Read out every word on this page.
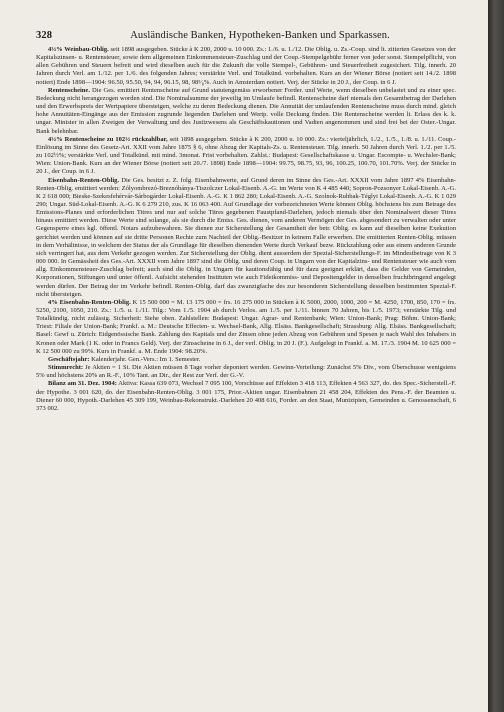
328	Ausländische Banken, Hypotheken-Banken und Sparkassen.

4½% Weinbau-Oblig. seit 1898 ausgegeben. Stücke à K 200, 2000 u. 10 000. Zs.: 1./6. u. 1./12. Die Oblig. u. Zs.-Coup. sind lt. zitierten Gesetzes von der Kapitalszinsen- u. Rentensteuer, sowie dem allgemeinen Einkommensteuer-Zuschlag und der Coup.-Stempelgebühr ferner von jeder sonst. Stempelpflicht, von allen Gebühren und Steuern befreit und wird dieselben auch für die Zukunft die volle Stempel-, Gebühren- und Steuerfreiheit zugesichert. Tilg. innerh. 20 Jahren durch Verl. am 1./12. per 1./6. des folgenden Jahres; verstärkte Verl. und Totalkünd. vorbehalten. Kurs an der Wiener Börse (notiert seit 14./2. 1898 notiert) Ende 1898—1904: 96.50, 95.50, 94, 94, 96.15, 98, 98⁵⁄₈%. Auch in Amsterdam notiert. Verj. der Stücke in 20 J., der Coup. in 6 J.

Rentenscheine. Die Ges. emittiert Rentenscheine auf Grund statutengemäss erworbener Forder. und Werte, wenn dieselben unbelastet und zu einer spec. Bedeckung nicht herangezogen worden sind. Die Nominalsumme der jeweilig im Umlaufe befindl. Rentenscheine darf niemals den Gesamtbetrag der Darlehen und den Erwerbspreis der Wertpapiere übersteigen, welche zu deren Bedeckung dienen. Die Annuität der umlaufenden Rentenscheine muss durch mind. gleich hohe Annuitäten-Eingänge aus der Emission zugrunde liegenden Darlehen und Wertp. volle Deckung finden. Die Rentenscheine werden lt. Erlass des k. k. ungar. Minister in allen Zweigen der Verwaltung und des Justizwesens als Geschäftskautionen und Vadien angenommen und sind frei bei der Oster.-Ungar. Bank belehnbar.

4½% Rentenscheine zu 102½ rückzahlbar, seit 1898 ausgegeben. Stücke à K 200, 2000 u. 10 000. Zs.: vierteljährlich, 1./2., 1./5., 1./8. u. 1./11. Coup.-Einlösung im Sinne des Gesetz-Art. XXII vom Jahre 1875 § 6, ohne Abzug der Kapitals-Zs. u. Rentensteuer. Tilg. innerh. 50 Jahren durch Verl. 1./2. per 1./5. zu 102½%; verstärkte Verl. und Totalkünd. mit mind. 3monat. Frist vorbehalten. Zahlst.: Budapest: Gesellschaftskasse u. Ungar. Escompte- u. Wechsler-Bank; Wien: Union-Bank. Kurs an der Wiener Börse (notiert seit 20./7. 1898) Ende 1898—1904: 99.75, 98.75, 93, 96, 100.25, 100.70, 101.70%. Verj. der Stücke in 20 J., der Coup. in 6 J.

Eisenbahn-Renten-Oblig. Die Ges. besitzt z. Z. folg. Eisenbahnwerte, auf Grund deren im Sinne des Ges.-Art. XXXII vom Jahre 1897 4% Eisenbahn-Renten-Oblig. emittiert werden: Zólyombrezó-Breznóbánya-Tiszolczer Lokal-Eisenb. A.-G. im Werte von K 4 485 440; Sopron-Pozsonyer Lokal-Eisenb. A.-G. K 2 618 000; Bieske-Szekesfehérvár-Sárbogárder Lokal-Eisenb. A.-G. K 1 862 280; Lokal-Eisenb. A.-G. Szolnok-Ruhbak-Téglyi Lokal-Eisenb. A.-G. K 1 029 290; Ungar. Süd-Lokal-Eisenb. A.-G. K 6 279 210, zus. K 16 063 400. Auf Grundlage der vorbezeichneten Werte können Oblig. höchstens bis zum Betrage des Emissions-Planes und erforderlichen Titres und nur auf solche Titres gegebenen Faustpfand-Darlehen, jedoch niemals über den Nominalwert dieser Titres hinaus emittiert werden. Diese Werte sind solange, als sie durch die Emiss. Ges. dienen, vom anderen Vermögen der Ges. abgesondert zu verwalten oder unter Gegensperre eines kgl. öffentl. Notars aufzubewahren. Sie dienen zur Sicherstellung der Gesamtheit der betr. Oblig. es kann auf dieselben keine Exekution gerichtet werden und können auf sie dritte Personen Rechte zum Nachteil der Oblig.-Besitzer in keinem Falle erwerben. Die emittierten Renten-Oblig. müssen in dem Verhältnisse, in welchem der Status der als Grundlage für dieselben dienenden Werte durch Verkauf bezw. Rückzahlung oder aus einem anderen Grunde sich verringert hat, aus dem Verkehr gezogen werden. Zur Sicherstellung der Oblig. dient ausserdem der Spezial-Sicherstellungs-F. im Mindestbetrage von K 3 000 000. In Gemässheit des Ges.-Art. XXXII vom Jahre 1897 sind die Oblig. und deren Coup. in Ungarn von der Kapitalzins- und Rentensteuer wie auch vom allg. Einkommensteuer-Zuschlag befreit; auch sind die Oblig. in Ungarn für kautionsfähig und für dazu geeignet erklärt, dass die Gelder von Gemeinden, Korporationen, Stiftungen und unter öffentl. Aufsicht stehenden Instituten wie auch Fideikommiss- und Depositengelder in denselben fruchtbringend angelegt werden dürfen. Der Betrag der im Verkehr befindl. Renten-Oblig. darf das zwanzigfache des zur besonderen Sicherstellung desselben bestimmten Spezial-F. nicht übersteigen.

4% Eisenbahn-Renten-Oblig. K 15 500 000 = M. 13 175 000 = frs. 16 275 000 in Stücken à K 5000, 2000, 1000, 200 = M. 4250, 1700, 850, 170 = frs. 5250, 2100, 1050, 210. Zs.: 1./5. u. 1./11. Tilg.: Vom 1./5. 1904 ab durch Verlos. am 1./5. per 1./11. binnen 70 Jahren, bis 1./5. 1973; verstärkte Tilg. und Totalkündig. nicht zulässig. Sicherheit: Siehe oben. Zahlstellen: Budapest: Ungar. Agrar- und Rentenbank; Wien: Union-Bank; Prag: Böhm. Union-Bank; Triest: Filiale der Union-Bank; Frankf. a. M.: Deutsche Effecten- u. Wechsel-Bank, Allg. Elsäss. Bankgesellschaft; Strassburg: Allg. Elsäss. Bankgesellschaft; Basel: Gewf u. Zürich: Eidgenössische Bank. Zahlung des Kapitals und der Zinsen ohne jeden Abzug von Gebühren und Spesen je nach Wahl des Inhabers in Kronen oder Mark (1 K. oder in Francs Geld). Verj. der Zinsscheine in 6 J., der verl. Oblig. in 20 J. (F.). Aufgelegt in Frankf. a. M. 17./3. 1904 M. 10 625 000 = K 12 500 000 zu 99%. Kurs in Frankf. a. M. Ende 1904: 98.20%.

Geschäftsjahr: Kalenderjahr. Gen.-Vers.: Im 1. Semester.

Stimmrecht: Je Aktien = 1 St. Die Aktien müssen 8 Tage vorher deponiert werden. Gewinn-Verteilung: Zunächst 5% Div., vom Überschusse wenigstens 5% und höchstens 20% an R.-F., 10% Tant. an Dir., der Rest zur Verf. der G.-V.

Bilanz am 31. Dez. 1904: Aktiva: Kassa 639 073, Wechsel 7 095 100, Vorschüsse auf Effekten 3 418 113, Effekten 4 563 327, do. des Spec.-Sicherstell.-F. der Hypothe. 3 001 620, do. der Eisenbahn-Renten-Oblig. 3 001 175, Prior.-Aktien ungar. Eisenbahnen 21 458 204, Effekten des Pens.-F. der Beamten u. Diener 60 000, Hypoth.-Darlehen 45 309 199, Weinbau-Rekonstrukt.-Darlehen 20 408 616, Forder. an den Staat, Munizipien, Gemeinden u. Genossenschaft, 6 373 002.
